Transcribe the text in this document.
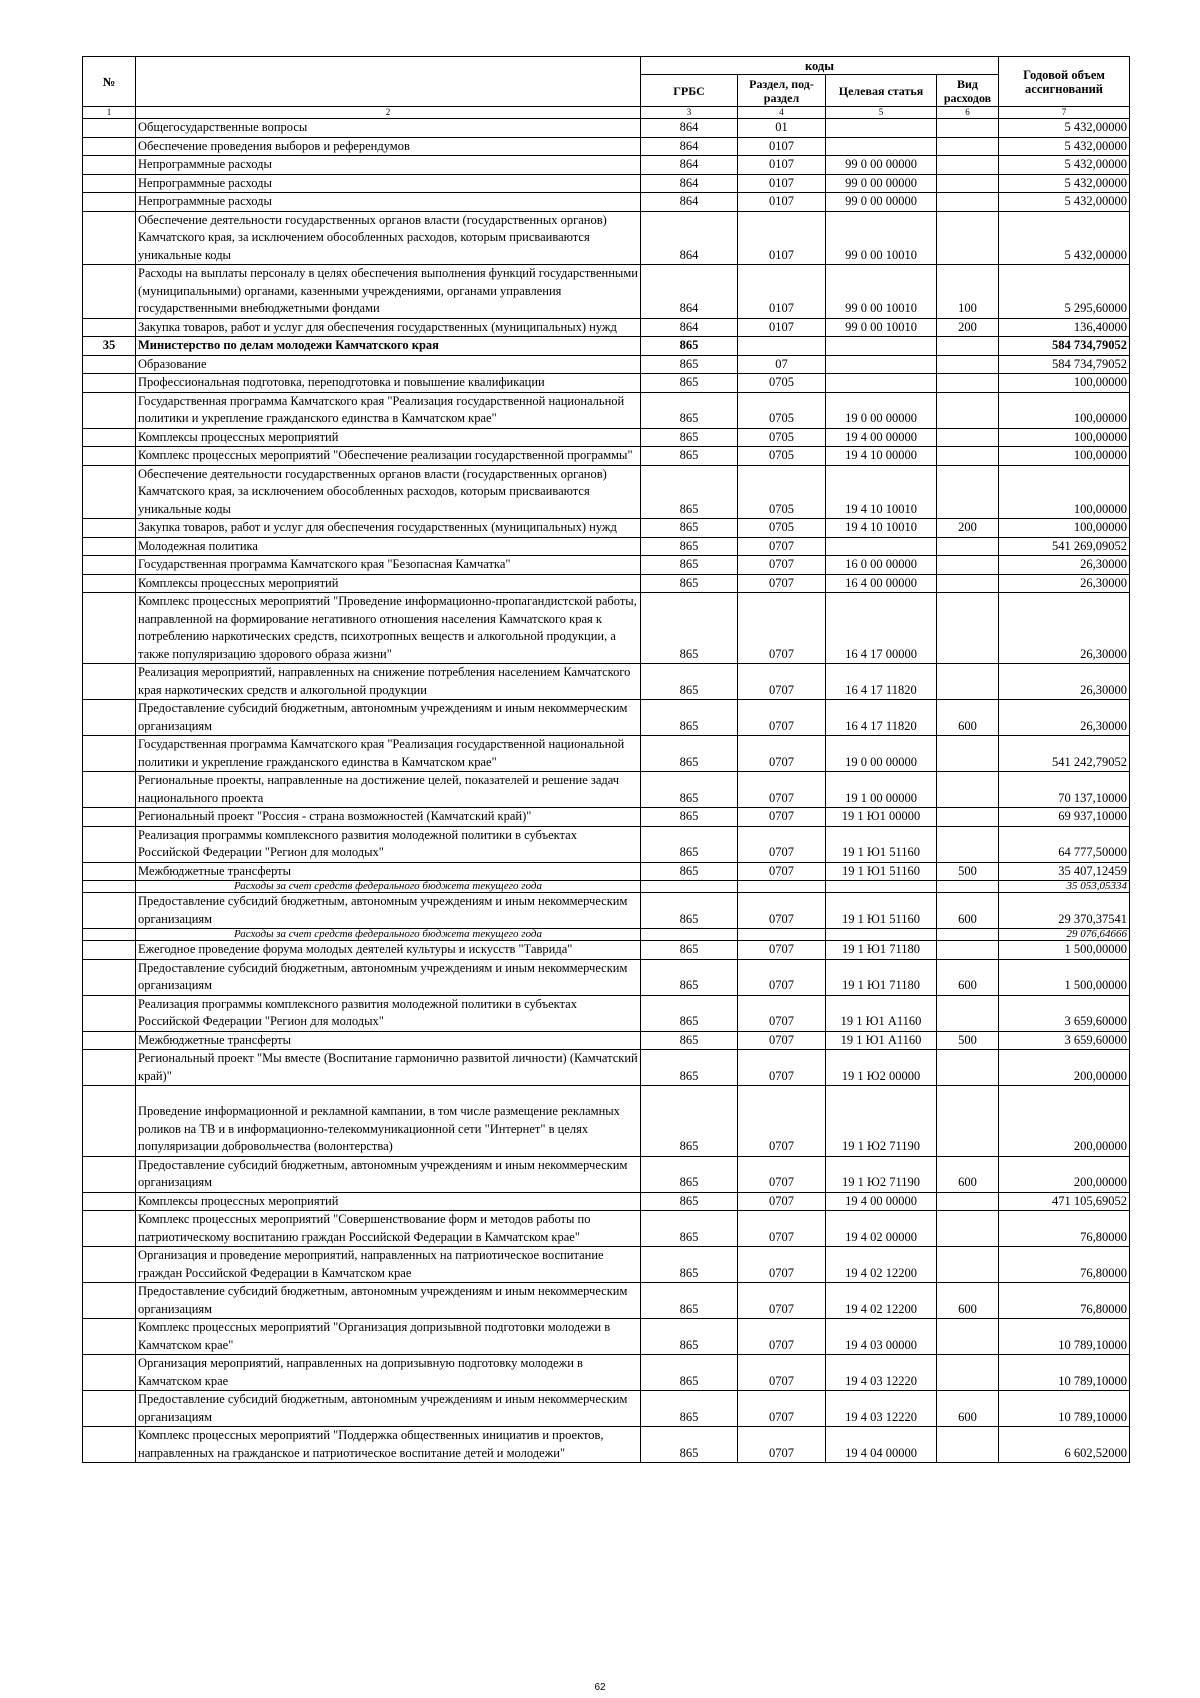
№		коды				Годовой объем ассигнований
		ГРБС	Раздел, под-раздел	Целевая статья	Вид расходов	
1	2	3	4	5	6	7
	Общегосударственные вопросы	864	01			5 432,00000
	Обеспечение проведения выборов и референдумов	864	0107			5 432,00000
	Непрограммные расходы	864	0107	99 0 00 00000		5 432,00000
	Непрограммные расходы	864	0107	99 0 00 00000		5 432,00000
	Непрограммные расходы	864	0107	99 0 00 00000		5 432,00000
	Обеспечение деятельности государственных органов власти (государственных органов) Камчатского края, за исключением обособленных расходов, которым присваиваются уникальные коды	864	0107	99 0 00 10010		5 432,00000
	Расходы на выплаты персоналу в целях обеспечения выполнения функций государственными (муниципальными) органами, казенными учреждениями, органами управления государственными внебюджетными фондами	864	0107	99 0 00 10010	100	5 295,60000
	Закупка товаров, работ и услуг для обеспечения государственных (муниципальных) нужд	864	0107	99 0 00 10010	200	136,40000
35	Министерство по делам молодежи Камчатского края	865				584 734,79052
	Образование	865	07			584 734,79052
	Профессиональная подготовка, переподготовка и повышение квалификации	865	0705			100,00000
	Государственная программа Камчатского края "Реализация государственной национальной политики и укрепление гражданского единства в Камчатском крае"	865	0705	19 0 00 00000		100,00000
	Комплексы процессных мероприятий	865	0705	19 4 00 00000		100,00000
	Комплекс процессных мероприятий "Обеспечение реализации государственной программы"	865	0705	19 4 10 00000		100,00000
	Обеспечение деятельности государственных органов власти (государственных органов) Камчатского края, за исключением обособленных расходов, которым присваиваются уникальные коды	865	0705	19 4 10 10010		100,00000
	Закупка товаров, работ и услуг для обеспечения государственных (муниципальных) нужд	865	0705	19 4 10 10010	200	100,00000
	Молодежная политика	865	0707			541 269,09052
	Государственная программа Камчатского края "Безопасная Камчатка"	865	0707	16 0 00 00000		26,30000
	Комплексы процессных мероприятий	865	0707	16 4 00 00000		26,30000
	Комплекс процессных мероприятий "Проведение информационно-пропагандистской работы, направленной на формирование негативного отношения населения Камчатского края к потреблению наркотических средств, психотропных веществ и алкогольной продукции, а также популяризацию здорового образа жизни"	865	0707	16 4 17 00000		26,30000
	Реализация мероприятий, направленных на снижение потребления населением Камчатского края наркотических средств и алкогольной продукции	865	0707	16 4 17 11820		26,30000
	Предоставление субсидий бюджетным, автономным учреждениям и иным некоммерческим организациям	865	0707	16 4 17 11820	600	26,30000
	Государственная программа Камчатского края "Реализация государственной национальной политики и укрепление гражданского единства в Камчатском крае"	865	0707	19 0 00 00000		541 242,79052
	Региональные проекты, направленные на достижение целей, показателей и решение задач национального проекта	865	0707	19 1 00 00000		70 137,10000
	Региональный проект "Россия - страна возможностей (Камчатский край)"	865	0707	19 1 Ю1 00000		69 937,10000
	Реализация программы комплексного развития молодежной политики в субъектах Российской Федерации "Регион для молодых"	865	0707	19 1 Ю1 51160		64 777,50000
	Межбюджетные трансферты	865	0707	19 1 Ю1 51160	500	35 407,12459
	Расходы за счет средств федерального бюджета текущего года					35 053,05334
	Предоставление субсидий бюджетным, автономным учреждениям и иным некоммерческим организациям	865	0707	19 1 Ю1 51160	600	29 370,37541
	Расходы за счет средств федерального бюджета текущего года					29 076,64666
	Ежегодное проведение форума молодых деятелей культуры и искусств "Таврида"	865	0707	19 1 Ю1 71180		1 500,00000
	Предоставление субсидий бюджетным, автономным учреждениям и иным некоммерческим организациям	865	0707	19 1 Ю1 71180	600	1 500,00000
	Реализация программы комплексного развития молодежной политики в субъектах Российской Федерации "Регион для молодых"	865	0707	19 1 Ю1 А1160		3 659,60000
	Межбюджетные трансферты	865	0707	19 1 Ю1 А1160	500	3 659,60000
	Региональный проект "Мы вместе (Воспитание гармонично развитой личности) (Камчатский край)"	865	0707	19 1 Ю2 00000		200,00000
	Проведение информационной и рекламной кампании, в том числе размещение рекламных роликов на ТВ и в информационно-телекоммуникационной сети "Интернет" в целях популяризации добровольчества (волонтерства)	865	0707	19 1 Ю2 71190		200,00000
	Предоставление субсидий бюджетным, автономным учреждениям и иным некоммерческим организациям	865	0707	19 1 Ю2 71190	600	200,00000
	Комплексы процессных мероприятий	865	0707	19 4 00 00000		471 105,69052
	Комплекс процессных мероприятий "Совершенствование форм и методов работы по патриотическому воспитанию граждан Российской Федерации в Камчатском крае"	865	0707	19 4 02 00000		76,80000
	Организация и проведение мероприятий, направленных на патриотическое воспитание граждан Российской Федерации в Камчатском крае	865	0707	19 4 02 12200		76,80000
	Предоставление субсидий бюджетным, автономным учреждениям и иным некоммерческим организациям	865	0707	19 4 02 12200	600	76,80000
	Комплекс процессных мероприятий "Организация допризывной подготовки молодежи в Камчатском крае"	865	0707	19 4 03 00000		10 789,10000
	Организация мероприятий, направленных на допризывную подготовку молодежи в Камчатском крае	865	0707	19 4 03 12220		10 789,10000
	Предоставление субсидий бюджетным, автономным учреждениям и иным некоммерческим организациям	865	0707	19 4 03 12220	600	10 789,10000
	Комплекс процессных мероприятий "Поддержка общественных инициатив и проектов, направленных на гражданское и патриотическое воспитание детей и молодежи"	865	0707	19 4 04 00000		6 602,52000
62
